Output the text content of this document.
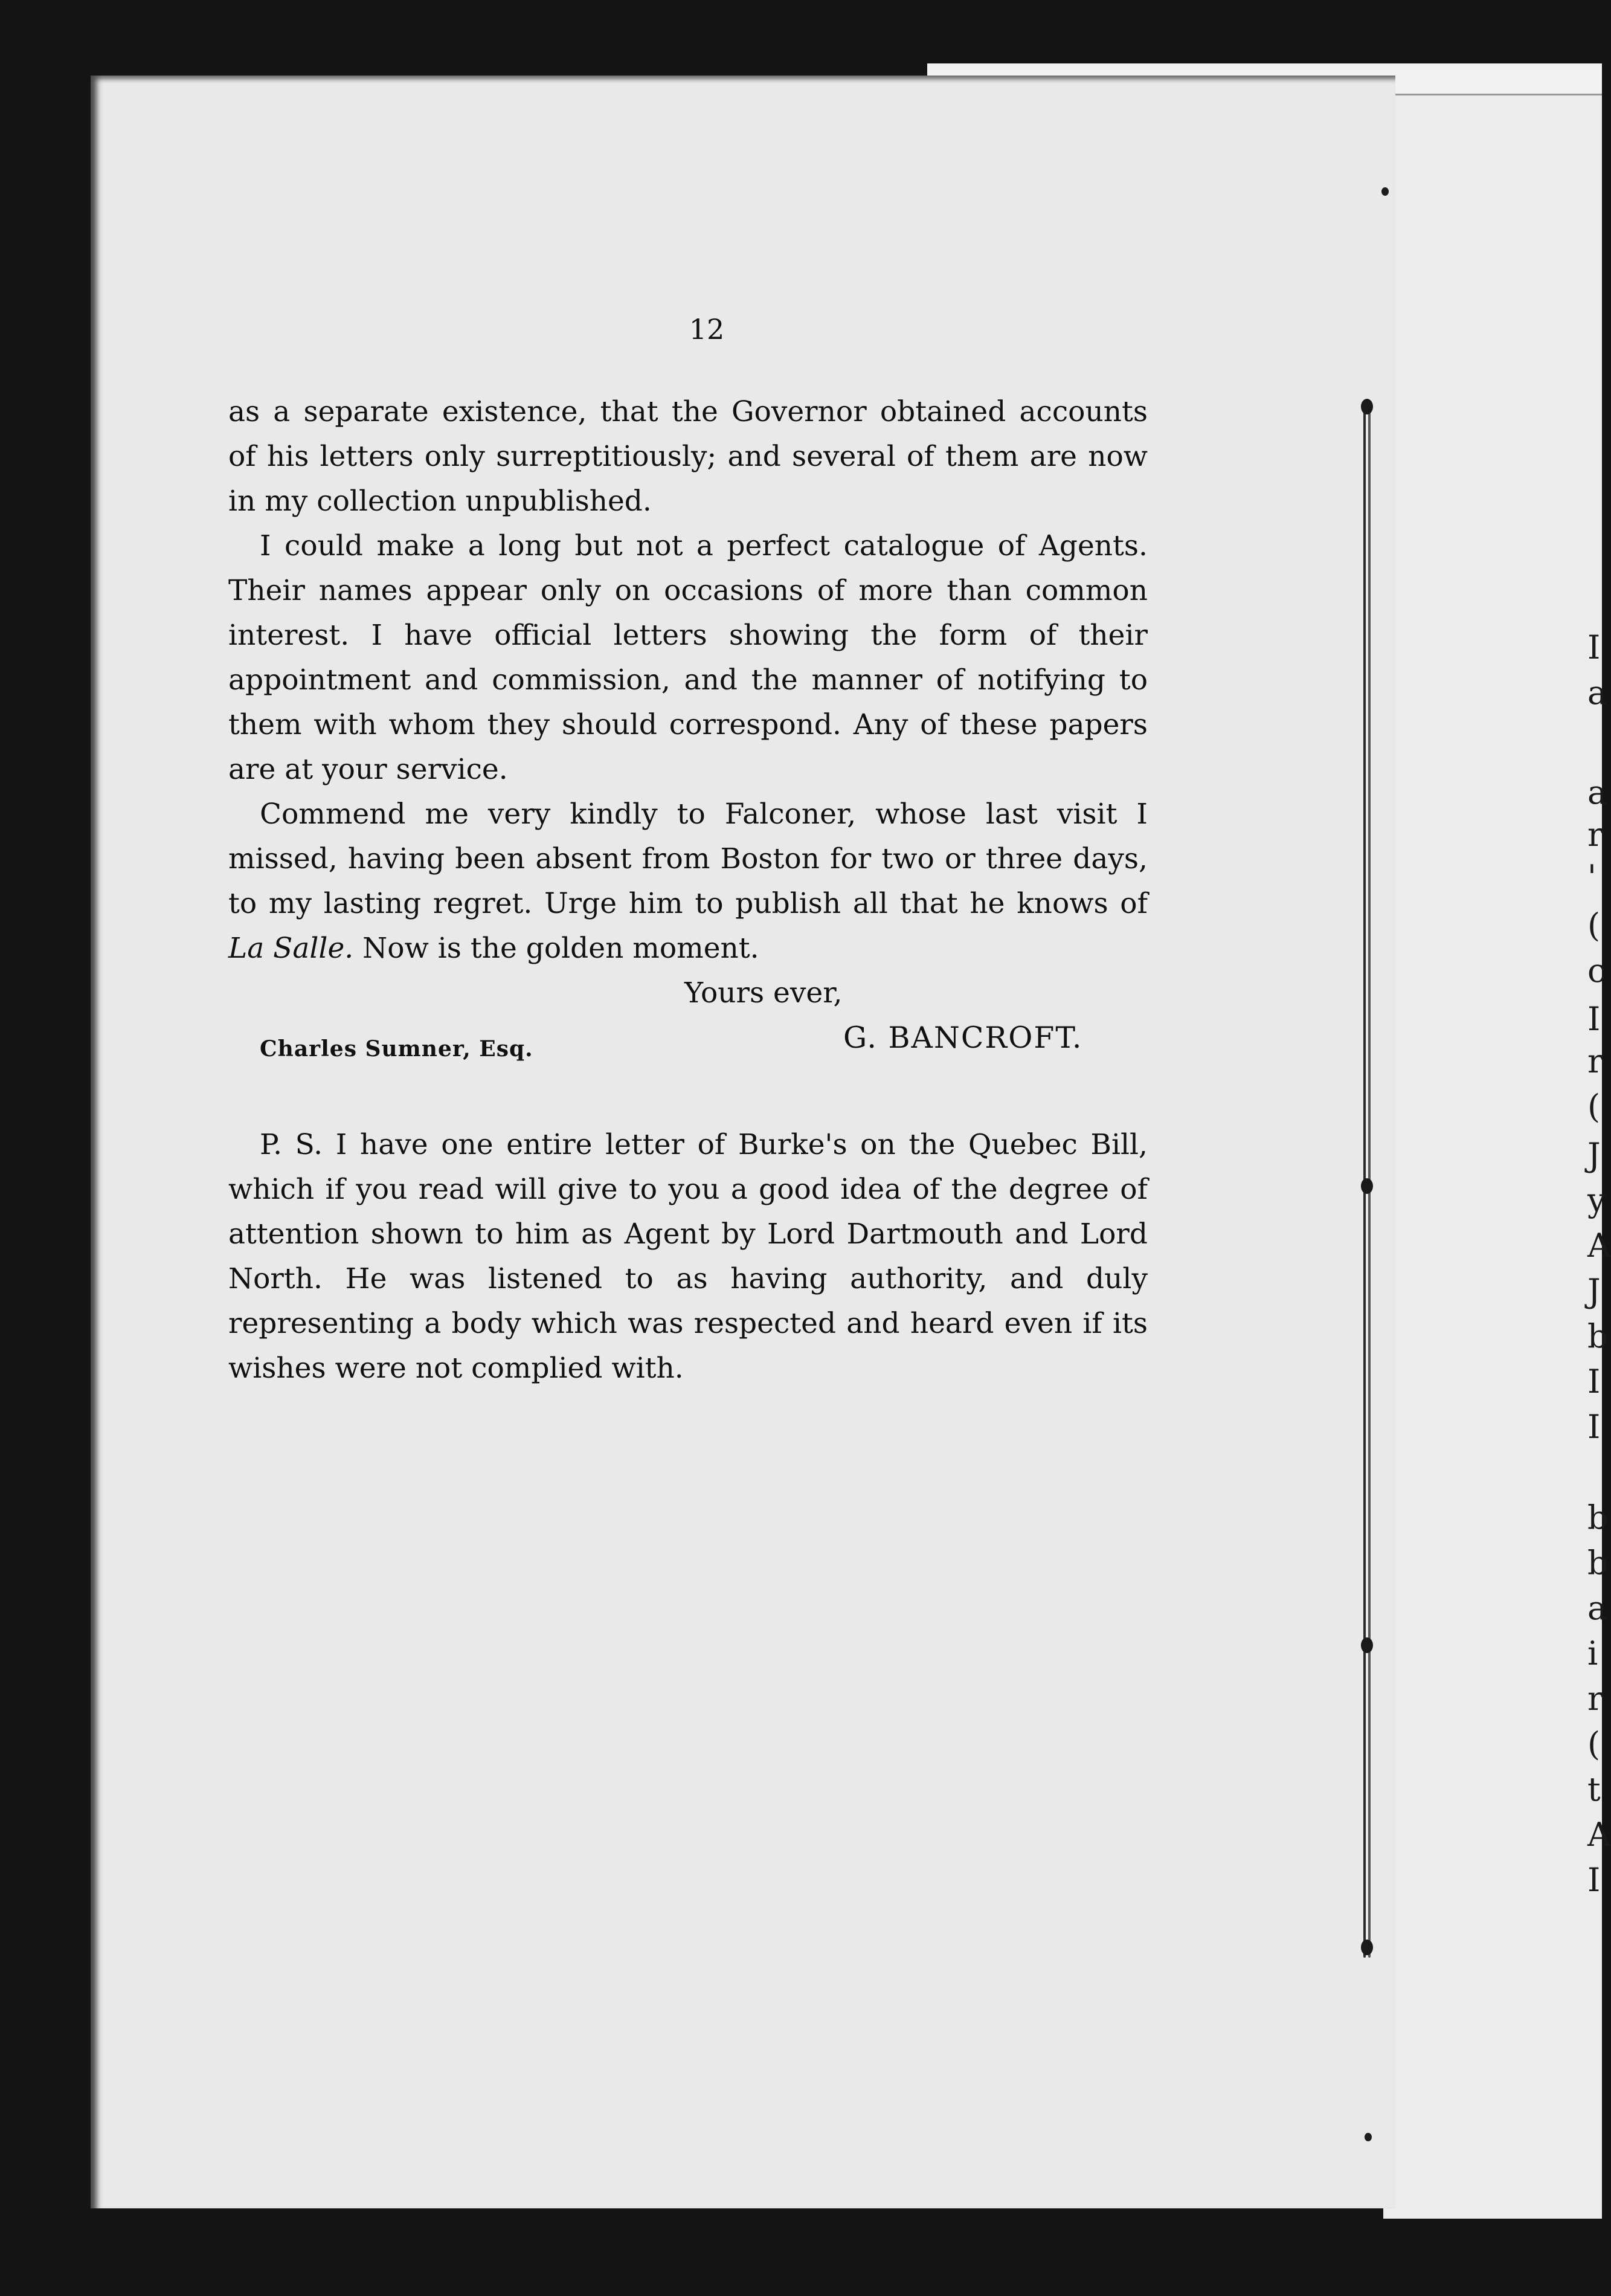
I
a
a
r
'
(
c
I
r
(
J
y
A
J
b
I
I
b
b
a
i
r
(
t
A
I
12

as a separate existence, that the Governor obtained accounts of his letters only surreptitiously; and several of them are now in my collection unpublished.

I could make a long but not a perfect catalogue of Agents. Their names appear only on occasions of more than common interest. I have official letters showing the form of their appointment and commission, and the manner of notifying to them with whom they should correspond. Any of these papers are at your service.

Commend me very kindly to Falconer, whose last visit I missed, having been absent from Boston for two or three days, to my lasting regret. Urge him to publish all that he knows of La Salle. Now is the golden moment.

Yours ever,

Charles Sumner, Esq.	G. BANCROFT.

P. S. I have one entire letter of Burke's on the Quebec Bill, which if you read will give to you a good idea of the degree of attention shown to him as Agent by Lord Dartmouth and Lord North. He was listened to as having authority, and duly representing a body which was respected and heard even if its wishes were not complied with.
